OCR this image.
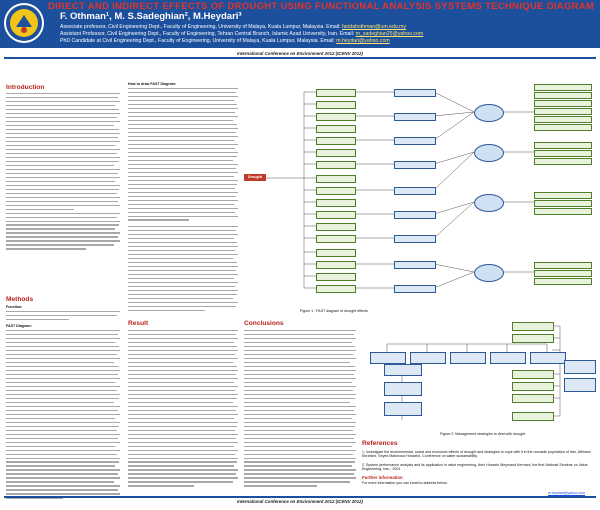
DIRECT AND INDIRECT EFFECTS OF DROUGHT USING FUNCTIONAL ANALYSIS SYSTEMS TECHNIQUE DIAGRAM
F. Othman¹, M. S.Sadeghian², M.Heydari³
Associate professor, Civil Engineering Dept., Faculty of Engineering, University of Malaya, Kuala Lumpur, Malaysia. Email: faridahothman@um.edu.my
Assistant Professor, Civil Engineering Dept., Faculty of Engineering, Tehran Central Branch, Islamic Azad University, Iran. Email: m_sadeghian25@yahoo.com
PhD Candidate at Civil Engineering Dept., Faculty of Engineering, University of Malaya, Kuala Lumpur, Malaysia. Email: m.heydari@yahoo.com
International Conference on Environment 2012 (ICENV 2012)
Introduction
Methods
Function:
FAST Diagram:
How to draw FAST Diagram:
Result
Drought
Figure 1 : FAST diagram of drought effects
Conclusions
Figure 2: Management strategies to deal with drought
References
1. Investigate the environmental, social and economic effects of drought and strategies to cope with it in the nomadic population of Iran, Afkhami Ebrahimi, Seyed Mahmoud Hosseini, Conference on water sustainability.
2. System performance analysis and its application in value engineering, Amir Hossein Meymand Kermani, the first National Seminar on Value Engineering, Iran , 2001
Further information
For more information you can email to address below.
m.heydari@yahoo.com
International Conference on Environment 2012 (ICENV 2012)
